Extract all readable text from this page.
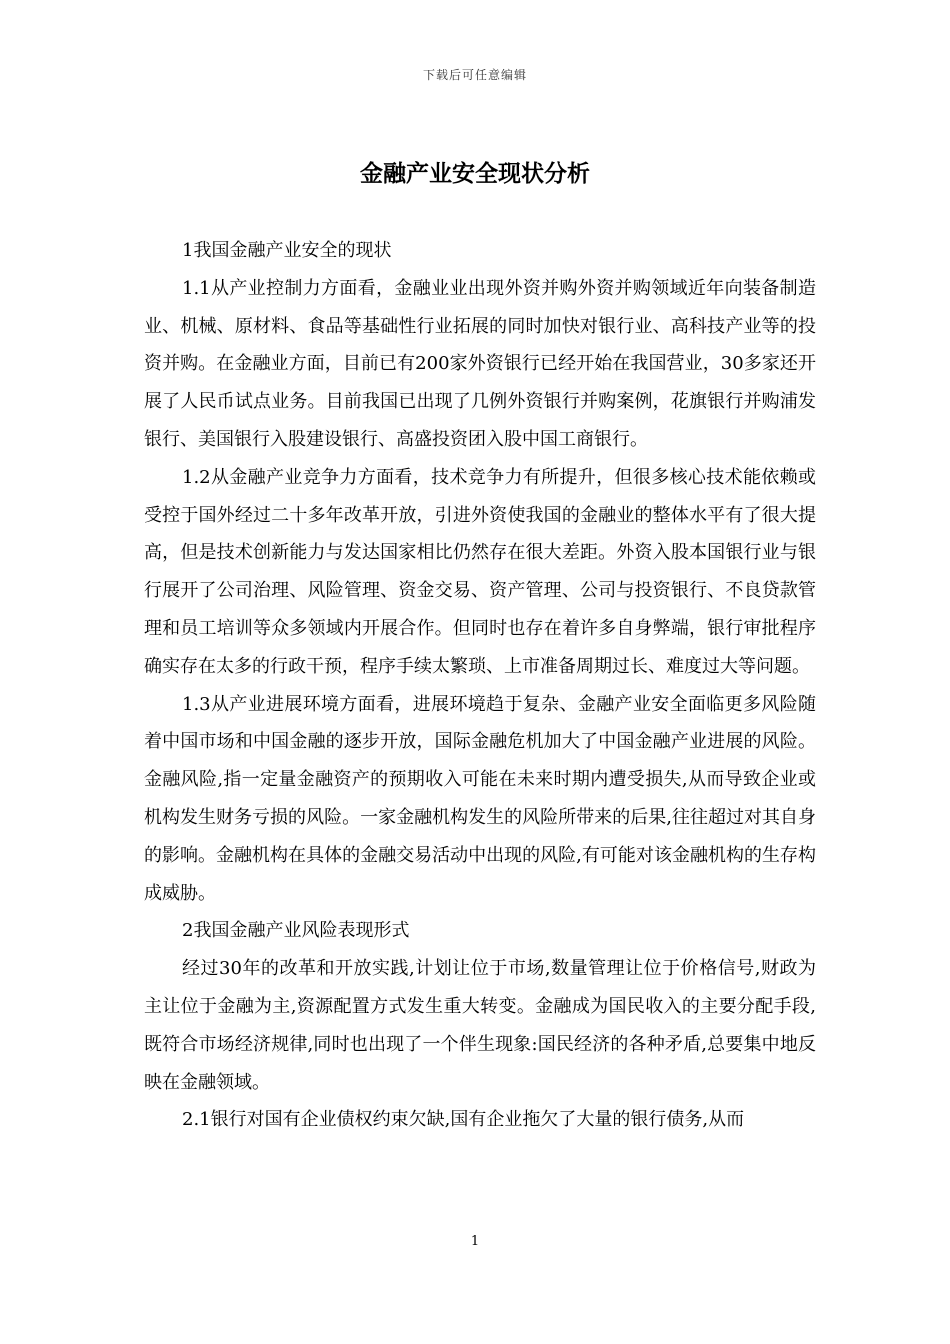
下载后可任意编辑
金融产业安全现状分析

1我国金融产业安全的现状

1.1从产业控制力方面看，金融业业出现外资并购外资并购领域近年向装备制造业、机械、原材料、食品等基础性行业拓展的同时加快对银行业、高科技产业等的投资并购。在金融业方面，目前已有200家外资银行已经开始在我国营业，30多家还开展了人民币试点业务。目前我国已出现了几例外资银行并购案例，花旗银行并购浦发银行、美国银行入股建设银行、高盛投资团入股中国工商银行。

1.2从金融产业竞争力方面看，技术竞争力有所提升，但很多核心技术能依赖或受控于国外经过二十多年改革开放，引进外资使我国的金融业的整体水平有了很大提高，但是技术创新能力与发达国家相比仍然存在很大差距。外资入股本国银行业与银行展开了公司治理、风险管理、资金交易、资产管理、公司与投资银行、不良贷款管理和员工培训等众多领域内开展合作。但同时也存在着许多自身弊端，银行审批程序确实存在太多的行政干预，程序手续太繁琐、上市准备周期过长、难度过大等问题。

1.3从产业进展环境方面看，进展环境趋于复杂、金融产业安全面临更多风险随着中国市场和中国金融的逐步开放，国际金融危机加大了中国金融产业进展的风险。金融风险,指一定量金融资产的预期收入可能在未来时期内遭受损失,从而导致企业或机构发生财务亏损的风险。一家金融机构发生的风险所带来的后果,往往超过对其自身的影响。金融机构在具体的金融交易活动中出现的风险,有可能对该金融机构的生存构成威胁。

2我国金融产业风险表现形式

经过30年的改革和开放实践,计划让位于市场,数量管理让位于价格信号,财政为主让位于金融为主,资源配置方式发生重大转变。金融成为国民收入的主要分配手段,既符合市场经济规律,同时也出现了一个伴生现象:国民经济的各种矛盾,总要集中地反映在金融领域。

2.1银行对国有企业债权约束欠缺,国有企业拖欠了大量的银行债务,从而

1
